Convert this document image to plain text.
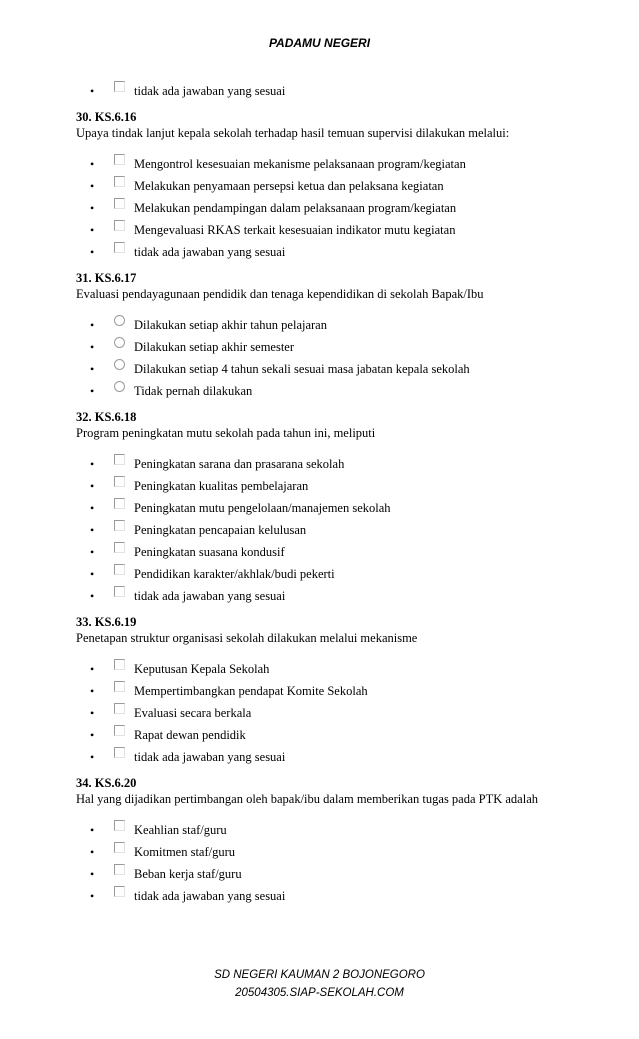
PADAMU NEGERI
•	tidak ada jawaban yang sesuai
30. KS.6.16
Upaya tindak lanjut kepala sekolah terhadap hasil temuan supervisi dilakukan melalui:
•	Mengontrol kesesuaian mekanisme pelaksanaan program/kegiatan
•	Melakukan penyamaan persepsi ketua dan pelaksana kegiatan
•	Melakukan pendampingan dalam pelaksanaan program/kegiatan
•	Mengevaluasi RKAS terkait kesesuaian indikator mutu kegiatan
•	tidak ada jawaban yang sesuai
31. KS.6.17
Evaluasi pendayagunaan pendidik dan tenaga kependidikan di sekolah Bapak/Ibu
•	Dilakukan setiap akhir tahun pelajaran
•	Dilakukan setiap akhir semester
•	Dilakukan setiap 4 tahun sekali sesuai masa jabatan kepala sekolah
•	Tidak pernah dilakukan
32. KS.6.18
Program peningkatan mutu sekolah pada tahun ini, meliputi
•	Peningkatan sarana dan prasarana sekolah
•	Peningkatan kualitas pembelajaran
•	Peningkatan mutu pengelolaan/manajemen sekolah
•	Peningkatan pencapaian kelulusan
•	Peningkatan suasana kondusif
•	Pendidikan karakter/akhlak/budi pekerti
•	tidak ada jawaban yang sesuai
33. KS.6.19
Penetapan struktur organisasi sekolah dilakukan melalui mekanisme
•	Keputusan Kepala Sekolah
•	Mempertimbangkan pendapat Komite Sekolah
•	Evaluasi secara berkala
•	Rapat dewan pendidik
•	tidak ada jawaban yang sesuai
34. KS.6.20
Hal yang dijadikan pertimbangan oleh bapak/ibu dalam memberikan tugas pada PTK adalah
•	Keahlian staf/guru
•	Komitmen staf/guru
•	Beban kerja staf/guru
•	tidak ada jawaban yang sesuai
SD NEGERI KAUMAN 2 BOJONEGORO
20504305.SIAP-SEKOLAH.COM
